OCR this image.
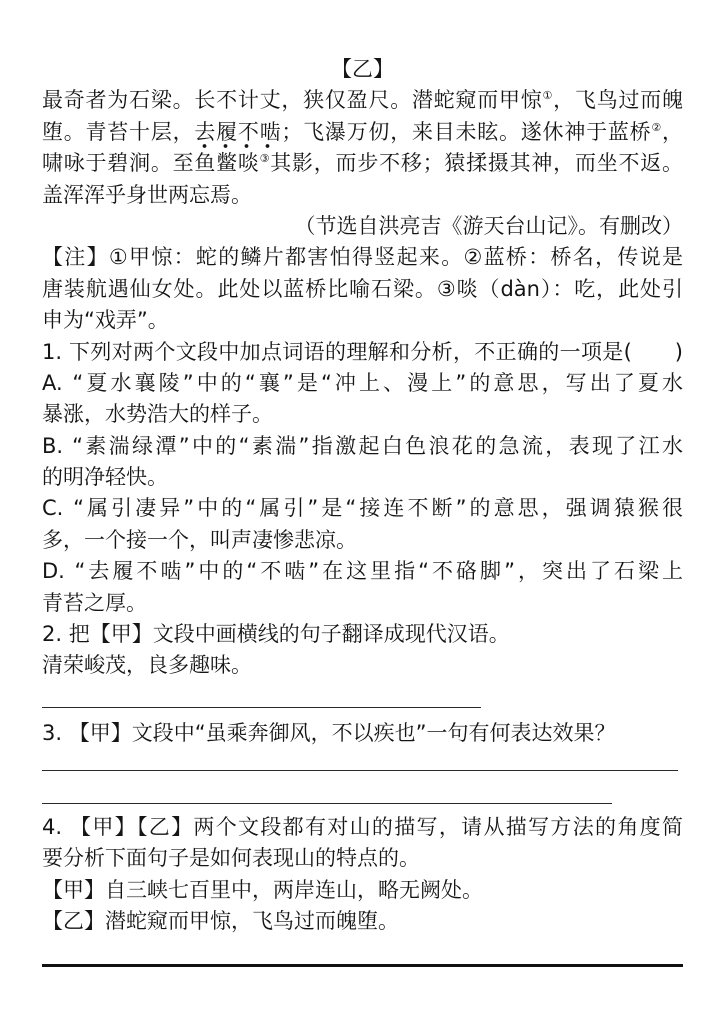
【乙】
最奇者为石梁。长不计丈，狭仅盈尺。潜蛇窥而甲惊①，飞鸟过而魄
堕。青苔十层，去履不啮；飞瀑万仞，来目未眩。遂休神于蓝桥②，
啸咏于碧涧。至鱼鳖啖③其影，而步不移；猿揉摄其神，而坐不返。
盖浑浑乎身世两忘焉。
（节选自洪亮吉《游天台山记》。有删改）
【注】①甲惊：蛇的鳞片都害怕得竖起来。②蓝桥：桥名，传说是
唐装航遇仙女处。此处以蓝桥比喻石梁。③啖（dàn）：吃，此处引
申为“戏弄”。
1. 下列对两个文段中加点词语的理解和分析，不正确的一项是(　　)
A. “夏水襄陵”中的“襄”是“冲上、漫上”的意思，写出了夏水
暴涨，水势浩大的样子。
B. “素湍绿潭”中的“素湍”指激起白色浪花的急流，表现了江水
的明净轻快。
C. “属引凄异”中的“属引”是“接连不断”的意思，强调猿猴很
多，一个接一个，叫声凄惨悲凉。
D. “去履不啮”中的“不啮”在这里指“不硌脚”，突出了石梁上
青苔之厚。
2. 把【甲】文段中画横线的句子翻译成现代汉语。
清荣峻茂，良多趣味。
3. 【甲】文段中“虽乘奔御风，不以疾也”一句有何表达效果？
4. 【甲】【乙】两个文段都有对山的描写，请从描写方法的角度简
要分析下面句子是如何表现山的特点的。
【甲】自三峡七百里中，两岸连山，略无阙处。
【乙】潜蛇窥而甲惊，飞鸟过而魄堕。
